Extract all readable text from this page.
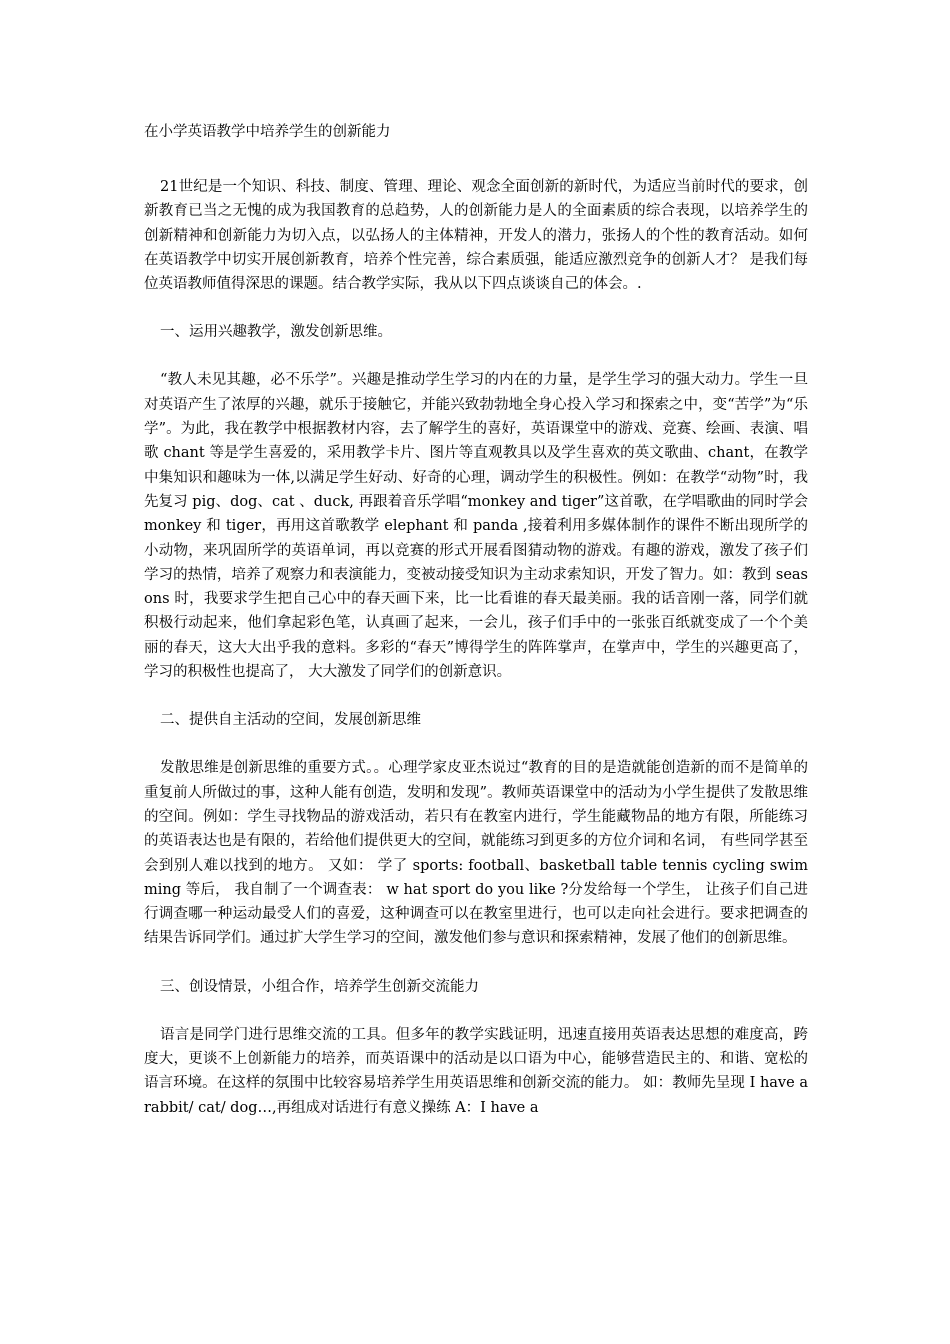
在小学英语教学中培养学生的创新能力

21世纪是一个知识、科技、制度、管理、理论、观念全面创新的新时代，为适应当前时代的要求，创新教育已当之无愧的成为我国教育的总趋势，人的创新能力是人的全面素质的综合表现，以培养学生的创新精神和创新能力为切入点，以弘扬人的主体精神，开发人的潜力，张扬人的个性的教育活动。如何在英语教学中切实开展创新教育，培养个性完善，综合素质强，能适应激烈竞争的创新人才？ 是我们每位英语教师值得深思的课题。结合教学实际，我从以下四点谈谈自己的体会。.

一、运用兴趣教学，激发创新思维。

“教人未见其趣，必不乐学”。兴趣是推动学生学习的内在的力量，是学生学习的强大动力。学生一旦对英语产生了浓厚的兴趣，就乐于接触它，并能兴致勃勃地全身心投入学习和探索之中，变“苦学”为“乐学”。为此，我在教学中根据教材内容，去了解学生的喜好，英语课堂中的游戏、竞赛、绘画、表演、唱歌 chant 等是学生喜爱的，采用教学卡片、图片等直观教具以及学生喜欢的英文歌曲、chant，在教学中集知识和趣味为一体,以满足学生好动、好奇的心理，调动学生的积极性。例如：在教学“动物”时，我先复习 pig、dog、cat 、duck, 再跟着音乐学唱“monkey and tiger”这首歌，在学唱歌曲的同时学会 monkey 和 tiger，再用这首歌教学 elephant 和 panda ,接着利用多媒体制作的课件不断出现所学的小动物，来巩固所学的英语单词，再以竞赛的形式开展看图猜动物的游戏。有趣的游戏，激发了孩子们学习的热情，培养了观察力和表演能力，变被动接受知识为主动求索知识，开发了智力。如：教到 seasons 时，我要求学生把自己心中的春天画下来，比一比看谁的春天最美丽。我的话音刚一落，同学们就积极行动起来，他们拿起彩色笔，认真画了起来，一会儿，孩子们手中的一张张百纸就变成了一个个美丽的春天，这大大出乎我的意料。多彩的“春天”博得学生的阵阵掌声，在掌声中，学生的兴趣更高了，学习的积极性也提高了， 大大激发了同学们的创新意识。

二、提供自主活动的空间，发展创新思维

发散思维是创新思维的重要方式。。心理学家皮亚杰说过“教育的目的是造就能创造新的而不是简单的重复前人所做过的事，这种人能有创造，发明和发现”。教师英语课堂中的活动为小学生提供了发散思维的空间。例如：学生寻找物品的游戏活动，若只有在教室内进行，学生能藏物品的地方有限，所能练习的英语表达也是有限的，若给他们提供更大的空间，就能练习到更多的方位介词和名词， 有些同学甚至会到别人难以找到的地方。 又如： 学了 sports: football、basketball table tennis cycling swimming 等后， 我自制了一个调查表： w hat sport do you like ?分发给每一个学生， 让孩子们自己进行调查哪一种运动最受人们的喜爱，这种调查可以在教室里进行，也可以走向社会进行。要求把调查的结果告诉同学们。通过扩大学生学习的空间，激发他们参与意识和探索精神，发展了他们的创新思维。

三、创设情景，小组合作，培养学生创新交流能力

语言是同学门进行思维交流的工具。但多年的教学实践证明，迅速直接用英语表达思想的难度高，跨度大，更谈不上创新能力的培养，而英语课中的活动是以口语为中心，能够营造民主的、和谐、宽松的语言环境。在这样的氛围中比较容易培养学生用英语思维和创新交流的能力。 如：教师先呈现 I have a rabbit/ cat/ dog…,再组成对话进行有意义操练 A：I have a
